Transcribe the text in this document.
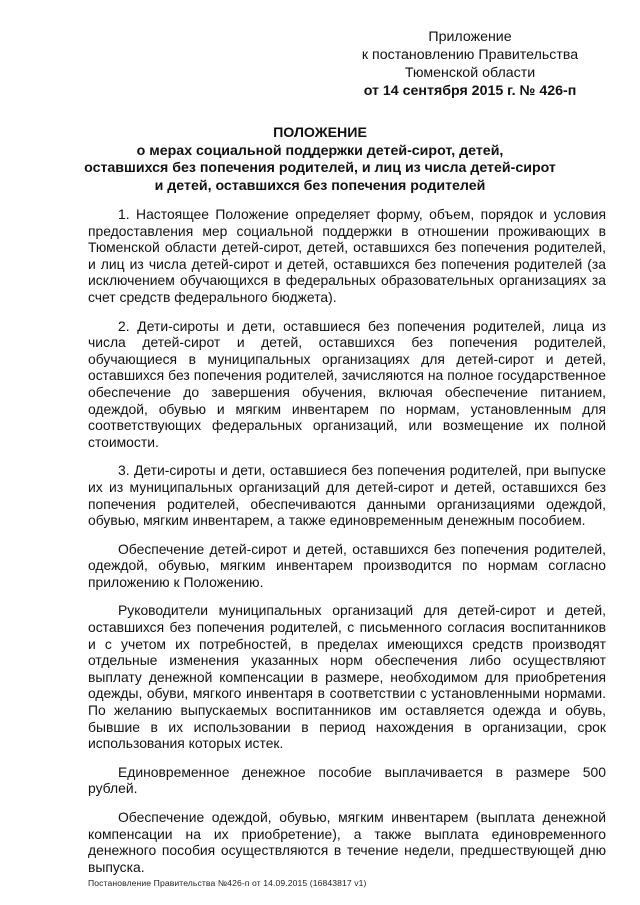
Приложение
к постановлению Правительства
Тюменской области
от 14 сентября 2015 г. № 426-п
ПОЛОЖЕНИЕ
о мерах социальной поддержки детей-сирот, детей,
оставшихся без попечения родителей, и лиц из числа детей-сирот
и детей, оставшихся без попечения родителей

1. Настоящее Положение определяет форму, объем, порядок и условия предоставления мер социальной поддержки в отношении проживающих в Тюменской области детей-сирот, детей, оставшихся без попечения родителей, и лиц из числа детей-сирот и детей, оставшихся без попечения родителей (за исключением обучающихся в федеральных образовательных организациях за счет средств федерального бюджета).

2. Дети-сироты и дети, оставшиеся без попечения родителей, лица из числа детей-сирот и детей, оставшихся без попечения родителей, обучающиеся в муниципальных организациях для детей-сирот и детей, оставшихся без попечения родителей, зачисляются на полное государственное обеспечение до завершения обучения, включая обеспечение питанием, одеждой, обувью и мягким инвентарем по нормам, установленным для соответствующих федеральных организаций, или возмещение их полной стоимости.

3. Дети-сироты и дети, оставшиеся без попечения родителей, при выпуске их из муниципальных организаций для детей-сирот и детей, оставшихся без попечения родителей, обеспечиваются данными организациями одеждой, обувью, мягким инвентарем, а также единовременным денежным пособием.

Обеспечение детей-сирот и детей, оставшихся без попечения родителей, одеждой, обувью, мягким инвентарем производится по нормам согласно приложению к Положению.

Руководители муниципальных организаций для детей-сирот и детей, оставшихся без попечения родителей, с письменного согласия воспитанников и с учетом их потребностей, в пределах имеющихся средств производят отдельные изменения указанных норм обеспечения либо осуществляют выплату денежной компенсации в размере, необходимом для приобретения одежды, обуви, мягкого инвентаря в соответствии с установленными нормами. По желанию выпускаемых воспитанников им оставляется одежда и обувь, бывшие в их использовании в период нахождения в организации, срок использования которых истек.

Единовременное денежное пособие выплачивается в размере 500 рублей.

Обеспечение одеждой, обувью, мягким инвентарем (выплата денежной компенсации на их приобретение), а также выплата единовременного денежного пособия осуществляются в течение недели, предшествующей дню выпуска.

Постановление Правительства №426-п от 14.09.2015 (16843817 v1)
